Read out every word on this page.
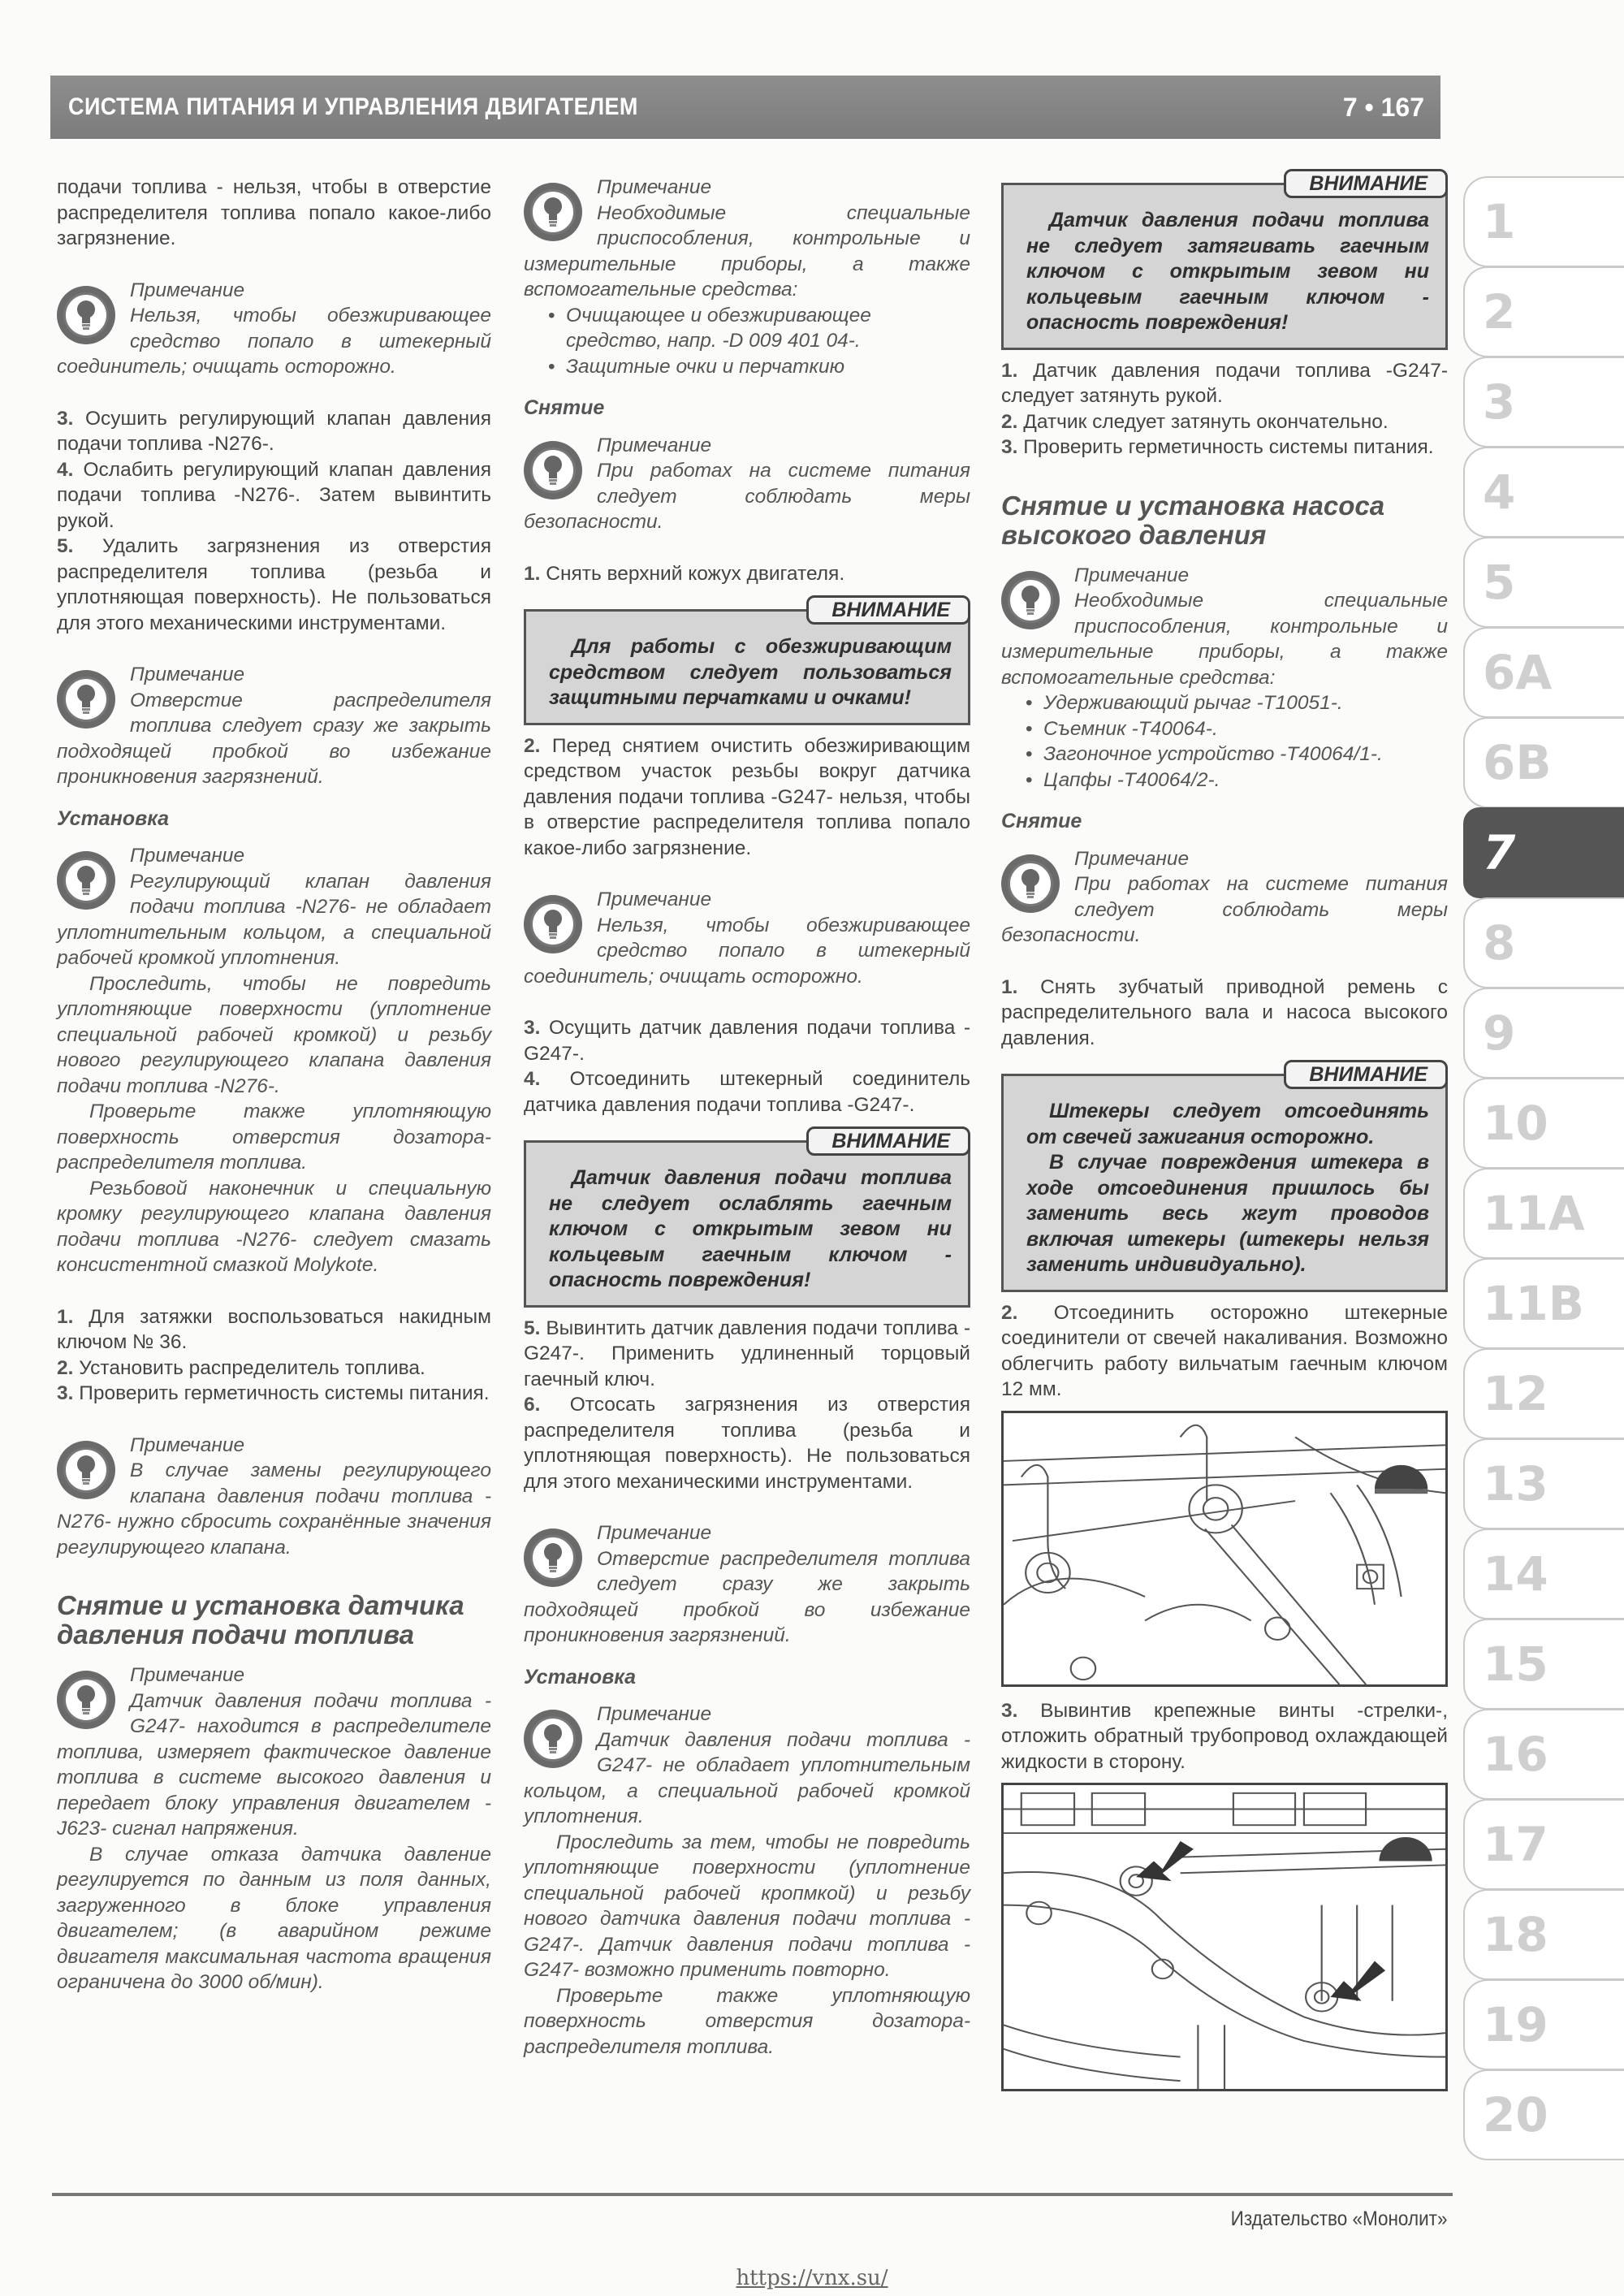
СИСТЕМА ПИТАНИЯ И УПРАВЛЕНИЯ ДВИГАТЕЛЕМ	7 • 167

подачи топлива - нельзя, чтобы в отверстие распределителя топлива попало какое-либо загрязнение.

Примечание

Нельзя, чтобы обезжиривающее средство попало в штекерный соединитель; очищать осторожно.

3. Осушить регулирующий клапан давления подачи топлива -N276-.

4. Ослабить регулирующий клапан давления подачи топлива -N276-. Затем вывинтить рукой.

5. Удалить загрязнения из отверстия распределителя топлива (резьба и уплотняющая поверхность). Не пользоваться для этого механическими инструментами.

Примечание

Отверстие распределителя топлива следует сразу же закрыть подходящей пробкой во избежание проникновения загрязнений.

Установка
Примечание

Регулирующий клапан давления подачи топлива -N276- не обладает уплотнительным кольцом, а специальной рабочей кромкой уплотнения.

Проследить, чтобы не повредить уплотняющие поверхности (уплотнение специальной рабочей кромкой) и резьбу нового регулирующего клапана давления подачи топлива -N276-.

Проверьте также уплотняющую поверхность отверстия дозатора-распределителя топлива.

Резьбовой наконечник и специальную кромку регулирующего клапана давления подачи топлива -N276- следует смазать консистентной смазкой Molykote.

1. Для затяжки воспользоваться накидным ключом № 36.

2. Установить распределитель топлива.

3. Проверить герметичность системы питания.

Примечание

В случае замены регулирующего клапана давления подачи топлива -N276- нужно сбросить сохранённые значения регулирующего клапана.

Снятие и установка датчика давления подачи топлива
Примечание

Датчик давления подачи топлива -G247- находится в распределителе топлива, измеряет фактическое давление топлива в системе высокого давления и передает блоку управления двигателем -J623- сигнал напряжения.

В случае отказа датчика давление регулируется по данным из поля данных, загруженного в блоке управления двигателем; (в аварийном режиме двигателя максимальная частота вращения ограничена до 3000 об/мин).

Примечание

Необходимые специальные приспособления, контрольные и измерительные приборы, а также вспомогательные средства:

• Очищающее и обезжиривающее средство, напр. -D 009 401 04-.
• Защитные очки и перчаткию
Снятие
Примечание

При работах на системе питания следует соблюдать меры безопасности.

1. Снять верхний кожух двигателя.

ВНИМАНИЕ

Для работы с обезжиривающим средством следует пользоваться защитными перчатками и очками!

2. Перед снятием очистить обезжиривающим средством участок резьбы вокруг датчика давления подачи топлива -G247- нельзя, чтобы в отверстие распределителя топлива попало какое-либо загрязнение.

Примечание

Нельзя, чтобы обезжиривающее средство попало в штекерный соединитель; очищать осторожно.

3. Осущить датчик давления подачи топлива -G247-.

4. Отсоединить штекерный соединитель датчика давления подачи топлива -G247-.

ВНИМАНИЕ

Датчик давления подачи топлива не следует ослаблять гаечным ключом с открытым зевом ни кольцевым гаечным ключом - опасность повреждения!

5. Вывинтить датчик давления подачи топлива -G247-. Применить удлиненный торцовый гаечный ключ.

6. Отсосать загрязнения из отверстия распределителя топлива (резьба и уплотняющая поверхность). Не пользоваться для этого механическими инструментами.

Примечание

Отверстие распределителя топлива следует сразу же закрыть подходящей пробкой во избежание проникновения загрязнений.

Установка
Примечание

Датчик давления подачи топлива -G247- не обладает уплотнительным кольцом, а специальной рабочей кромкой уплотнения.

Проследить за тем, чтобы не повредить уплотняющие поверхности (уплотнение специальной рабочей кропмкой) и резьбу нового датчика давления подачи топлива -G247-. Датчик давления подачи топлива -G247- возможно применить повторно.

Проверьте также уплотняющую поверхность отверстия дозатора-распределителя топлива.

ВНИМАНИЕ

Датчик давления подачи топлива не следует затягивать гаечным ключом с открытым зевом ни кольцевым гаечным ключом - опасность повреждения!

1. Датчик давления подачи топлива -G247- следует затянуть рукой.

2. Датчик следует затянуть окончательно.

3. Проверить герметичность системы питания.

Снятие и установка насоса высокого давления
Примечание

Необходимые специальные приспособления, контрольные и измерительные приборы, а также вспомогательные средства:

• Удерживающий рычаг -Т10051-.
• Съемник -Т40064-.
• Загоночное устройство -Т40064/1-.
• Цапфы -Т40064/2-.
Снятие
Примечание

При работах на системе питания следует соблюдать меры безопасности.

1. Снять зубчатый приводной ремень с распределительного вала и насоса высокого давления.

ВНИМАНИЕ

Штекеры следует отсоединять от свечей зажигания осторожно.

В случае повреждения штекера в ходе отсоединения пришлось бы заменить весь жгут проводов включая штекеры (штекеры нельзя заменить индивидуально).

2. Отсоединить осторожно штекерные соединители от свечей накаливания. Возможно облегчить работу вильчатым гаечным ключом 12 мм.

3. Вывинтив крепежные винты -стрелки-, отложить обратный трубопровод охлаждающей жидкости в сторону.

1
2
3
4
5
6A
6B
7
8
9
10
11A
11B
12
13
14
15
16
17
18
19
20
Издательство «Монолит»
https://vnx.su/
